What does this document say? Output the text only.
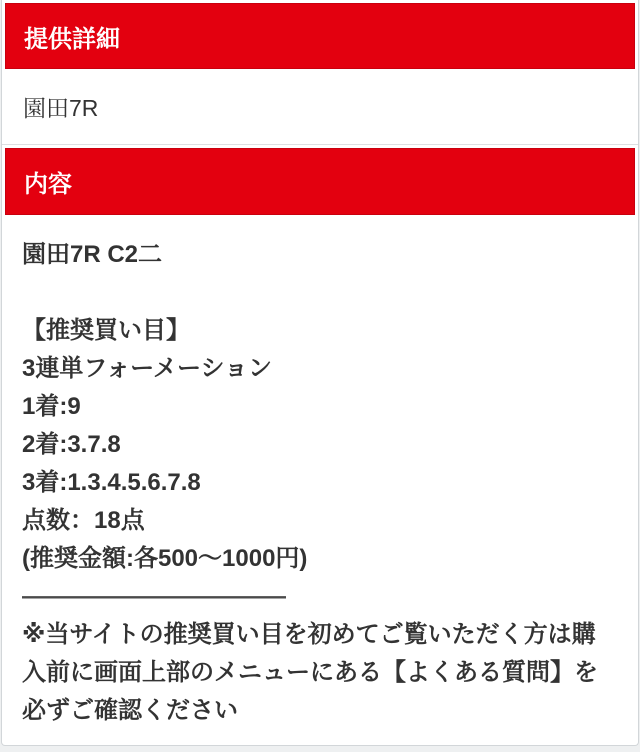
提供詳細
園田7R
内容
園田7R C2二
【推奨買い目】
3連単フォーメーション
1着:9
2着:3.7.8
3着:1.3.4.5.6.7.8
点数：18点
(推奨金額:各500〜1000円)
―――――――――――
※当サイトの推奨買い目を初めてご覧いただく方は購入前に画面上部のメニューにある【よくある質問】を必ずご確認ください
